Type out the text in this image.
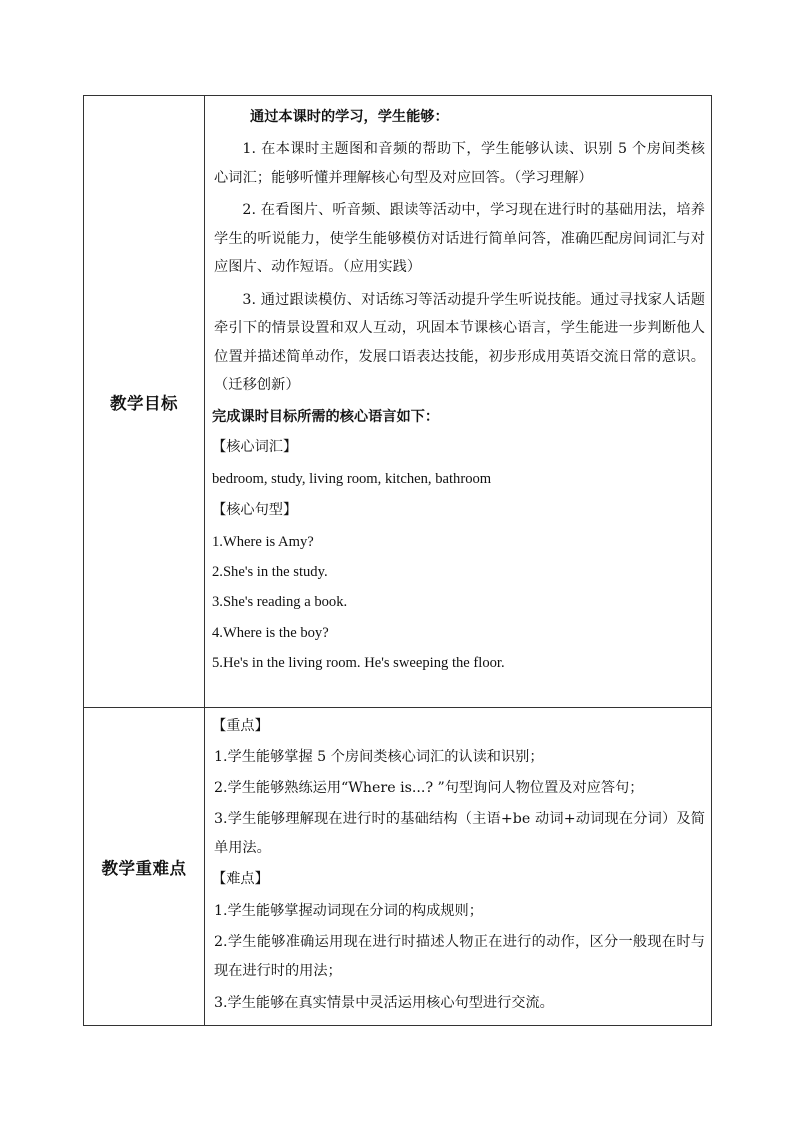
教学目标
通过本课时的学习，学生能够：

1. 在本课时主题图和音频的帮助下，学生能够认读、识别 5 个房间类核心词汇；能够听懂并理解核心句型及对应回答。（学习理解）

2. 在看图片、听音频、跟读等活动中，学习现在进行时的基础用法，培养学生的听说能力，使学生能够模仿对话进行简单问答，准确匹配房间词汇与对应图片、动作短语。（应用实践）

3. 通过跟读模仿、对话练习等活动提升学生听说技能。通过寻找家人话题牵引下的情景设置和双人互动，巩固本节课核心语言，学生能进一步判断他人位置并描述简单动作，发展口语表达技能，初步形成用英语交流日常的意识。（迁移创新）

完成课时目标所需的核心语言如下：
【核心词汇】
bedroom, study, living room, kitchen, bathroom
【核心句型】
1.Where is Amy?
2.She's in the study.
3.She's reading a book.
4.Where is the boy?
5.He's in the living room. He's sweeping the floor.
教学重难点
【重点】

1.学生能够掌握 5 个房间类核心词汇的认读和识别；

2.学生能够熟练运用“Where is...? ”句型询问人物位置及对应答句；

3.学生能够理解现在进行时的基础结构（主语+be 动词+动词现在分词）及简单用法。

【难点】

1.学生能够掌握动词现在分词的构成规则；

2.学生能够准确运用现在进行时描述人物正在进行的动作，区分一般现在时与现在进行时的用法；

3.学生能够在真实情景中灵活运用核心句型进行交流。
